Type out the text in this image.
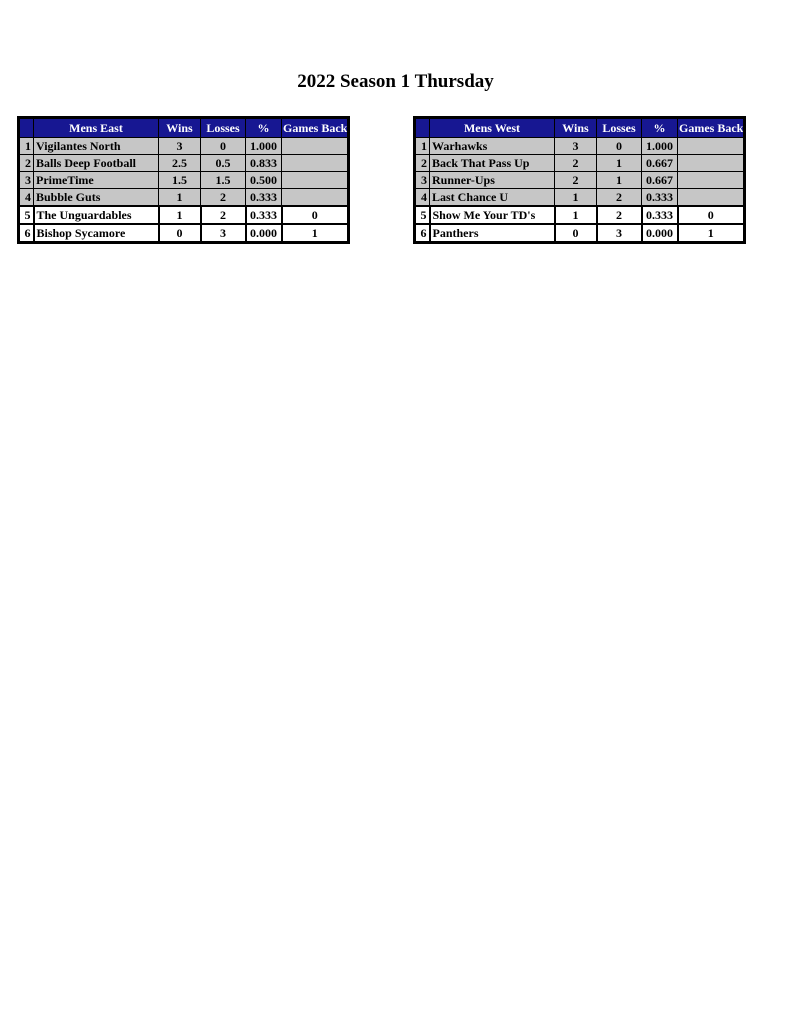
2022 Season 1 Thursday
	Mens East	Wins	Losses	%	Games Back
1	Vigilantes North	3	0	1.000	
2	Balls Deep Football	2.5	0.5	0.833	
3	PrimeTime	1.5	1.5	0.500	
4	Bubble Guts	1	2	0.333	
5	The Unguardables	1	2	0.333	0
6	Bishop Sycamore	0	3	0.000	1
	Mens West	Wins	Losses	%	Games Back
1	Warhawks	3	0	1.000	
2	Back That Pass Up	2	1	0.667	
3	Runner-Ups	2	1	0.667	
4	Last Chance U	1	2	0.333	
5	Show Me Your TD's	1	2	0.333	0
6	Panthers	0	3	0.000	1
